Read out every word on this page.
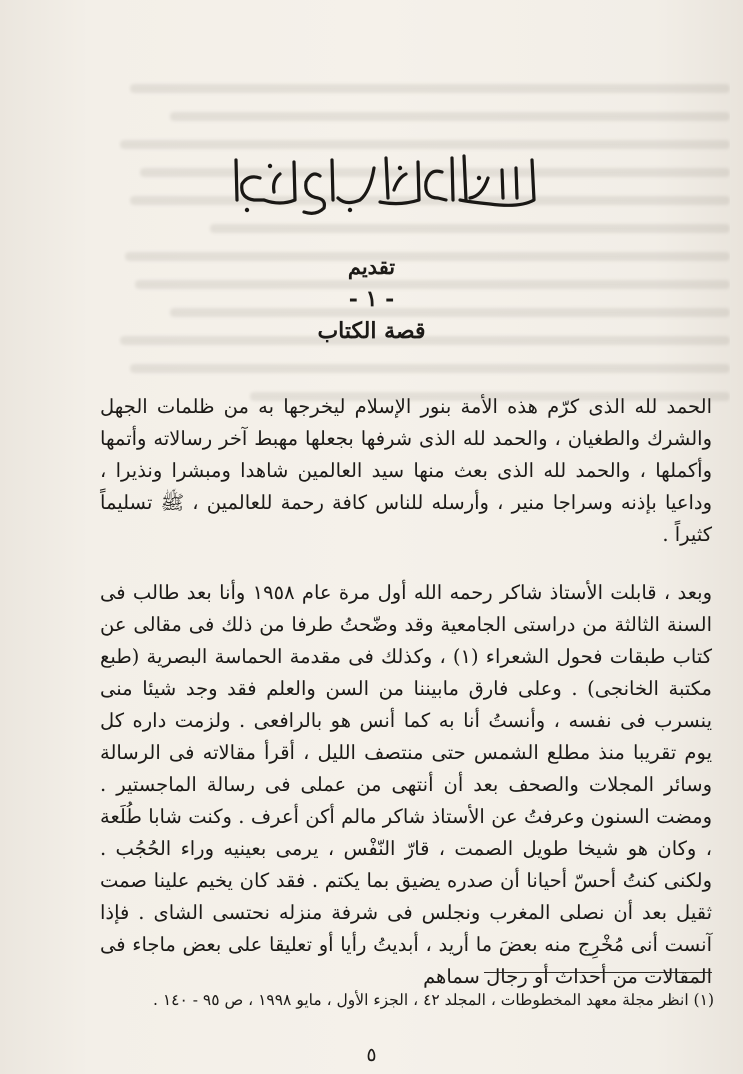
تقديم
- ١ -
قصة الكتاب

الحمد لله الذى كرّم هذه الأمة بنور الإسلام ليخرجها به من ظلمات الجهل والشرك والطغيان ، والحمد لله الذى شرفها بجعلها مهبط آخر رسالاته وأتمها وأكملها ، والحمد لله الذى بعث منها سيد العالمين شاهدا ومبشرا ونذيرا ، وداعيا بإذنه وسراجا منير ، وأرسله للناس كافة رحمة للعالمين ، ﷺ تسليماً كثيراً .

وبعد ، قابلت الأستاذ شاكر رحمه الله أول مرة عام ١٩٥٨ وأنا بعد طالب فى السنة الثالثة من دراستى الجامعية وقد وضّحتُ طرفا من ذلك فى مقالى عن كتاب طبقات فحول الشعراء (١) ، وكذلك فى مقدمة الحماسة البصرية (طبع مكتبة الخانجى) . وعلى فارق مابيننا من السن والعلم فقد وجد شيئا منى ينسرب فى نفسه ، وأنستُ أنا به كما أنس هو بالرافعى . ولزمت داره كل يوم تقريبا منذ مطلع الشمس حتى منتصف الليل ، أقرأ مقالاته فى الرسالة وسائر المجلات والصحف بعد أن أنتهى من عملى فى رسالة الماجستير . ومضت السنون وعرفتُ عن الأستاذ شاكر مالم أكن أعرف . وكنت شابا طُلَعة ، وكان هو شيخا طويل الصمت ، قارّ النّفْس ، يرمى بعينيه وراء الحُجُب . ولكنى كنتُ أحسّ أحيانا أن صدره يضيق بما يكتم . فقد كان يخيم علينا صمت ثقيل بعد أن نصلى المغرب ونجلس فى شرفة منزله نحتسى الشاى . فإذا آنست أنى مُخْرِج منه بعضَ ما أريد ، أبديتُ رأيا أو تعليقا على بعض ماجاء فى المقالات من أحداث أو رجال سماهم

(١) انظر مجلة معهد المخطوطات ، المجلد ٤٢ ، الجزء الأول ، مايو ١٩٩٨ ، ص ٩٥ - ١٤٠ .
٥
